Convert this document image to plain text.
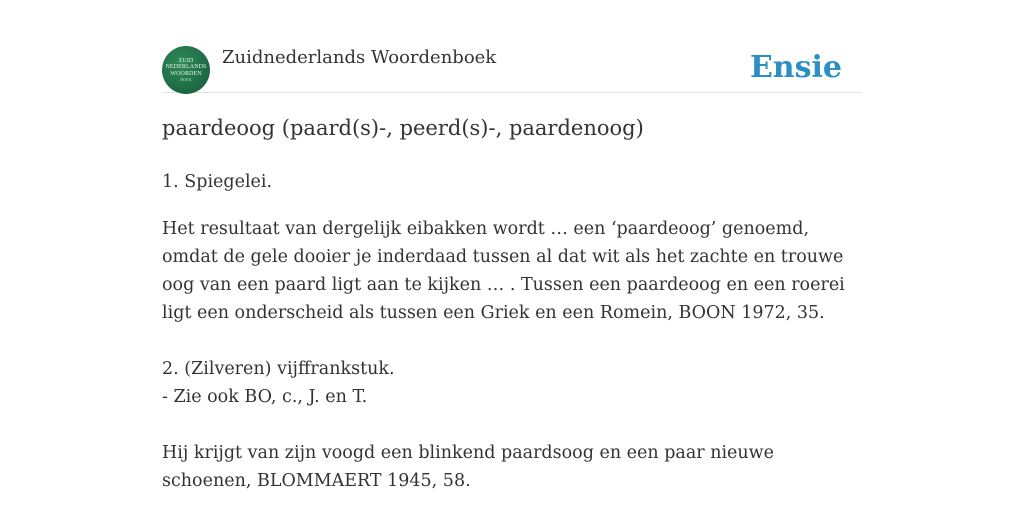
ZUID
NEDERLANDS
WOORDEN
BOEK
Zuidnederlands Woordenboek	Ensie
paardeoog (paard(s)-, peerd(s)-, paardenoog)

1. Spiegelei.

Het resultaat van dergelijk eibakken wordt … een ‘paardeoog’ genoemd, omdat de gele dooier je inderdaad tussen al dat wit als het zachte en trouwe oog van een paard ligt aan te kijken … . Tussen een paardeoog en een roerei ligt een onderscheid als tussen een Griek en een Romein, BOON 1972, 35.

2. (Zilveren) vijffrankstuk.

- Zie ook BO, c., J. en T.

Hij krijgt van zijn voogd een blinkend paardsoog en een paar nieuwe schoenen, BLOMMAERT 1945, 58.
